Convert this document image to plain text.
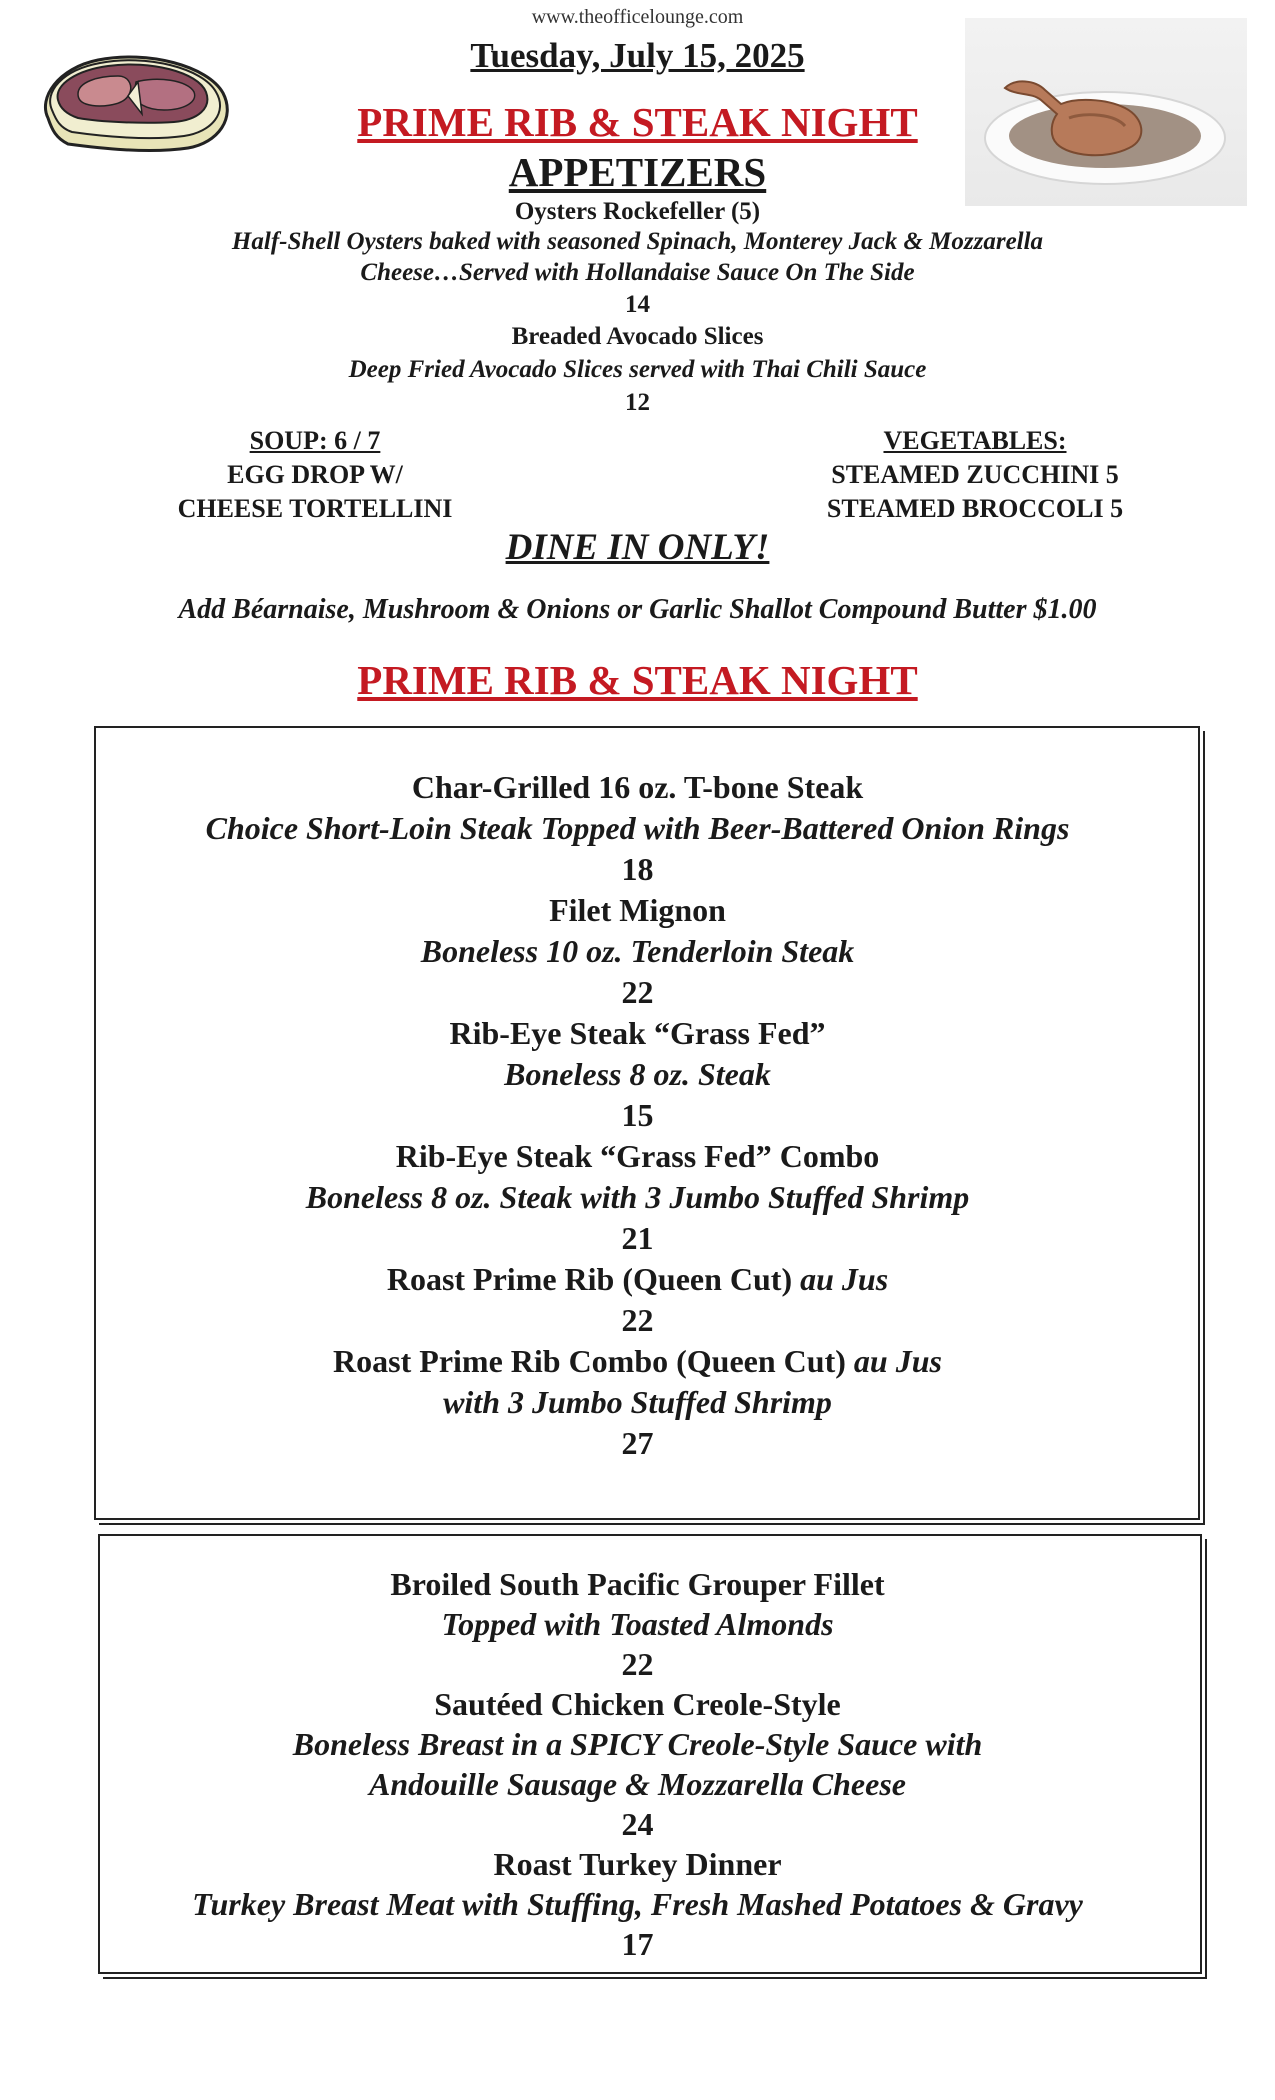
www.theofficelounge.com
Tuesday, July 15, 2025
PRIME RIB & STEAK NIGHT
APPETIZERS
Oysters Rockefeller (5)
Half-Shell Oysters baked with seasoned Spinach, Monterey Jack & Mozzarella
Cheese…Served with Hollandaise Sauce On The Side
14
Breaded Avocado Slices
Deep Fried Avocado Slices served with Thai Chili Sauce
12
SOUP: 6 / 7
EGG DROP W/
CHEESE TORTELLINI
VEGETABLES:
STEAMED ZUCCHINI 5
STEAMED BROCCOLI 5
DINE IN ONLY!
Add Béarnaise, Mushroom & Onions or Garlic Shallot Compound Butter $1.00
PRIME RIB & STEAK NIGHT
Char-Grilled 16 oz. T-bone Steak
Choice Short-Loin Steak Topped with Beer-Battered Onion Rings
18
Filet Mignon
Boneless 10 oz. Tenderloin Steak
22
Rib-Eye Steak “Grass Fed”
Boneless 8 oz. Steak
15
Rib-Eye Steak “Grass Fed” Combo
Boneless 8 oz. Steak with 3 Jumbo Stuffed Shrimp
21
Roast Prime Rib (Queen Cut) au Jus
22
Roast Prime Rib Combo (Queen Cut) au Jus
with 3 Jumbo Stuffed Shrimp
27
Broiled South Pacific Grouper Fillet
Topped with Toasted Almonds
22
Sautéed Chicken Creole-Style
Boneless Breast in a SPICY Creole-Style Sauce with
Andouille Sausage & Mozzarella Cheese
24
Roast Turkey Dinner
Turkey Breast Meat with Stuffing, Fresh Mashed Potatoes & Gravy
17
